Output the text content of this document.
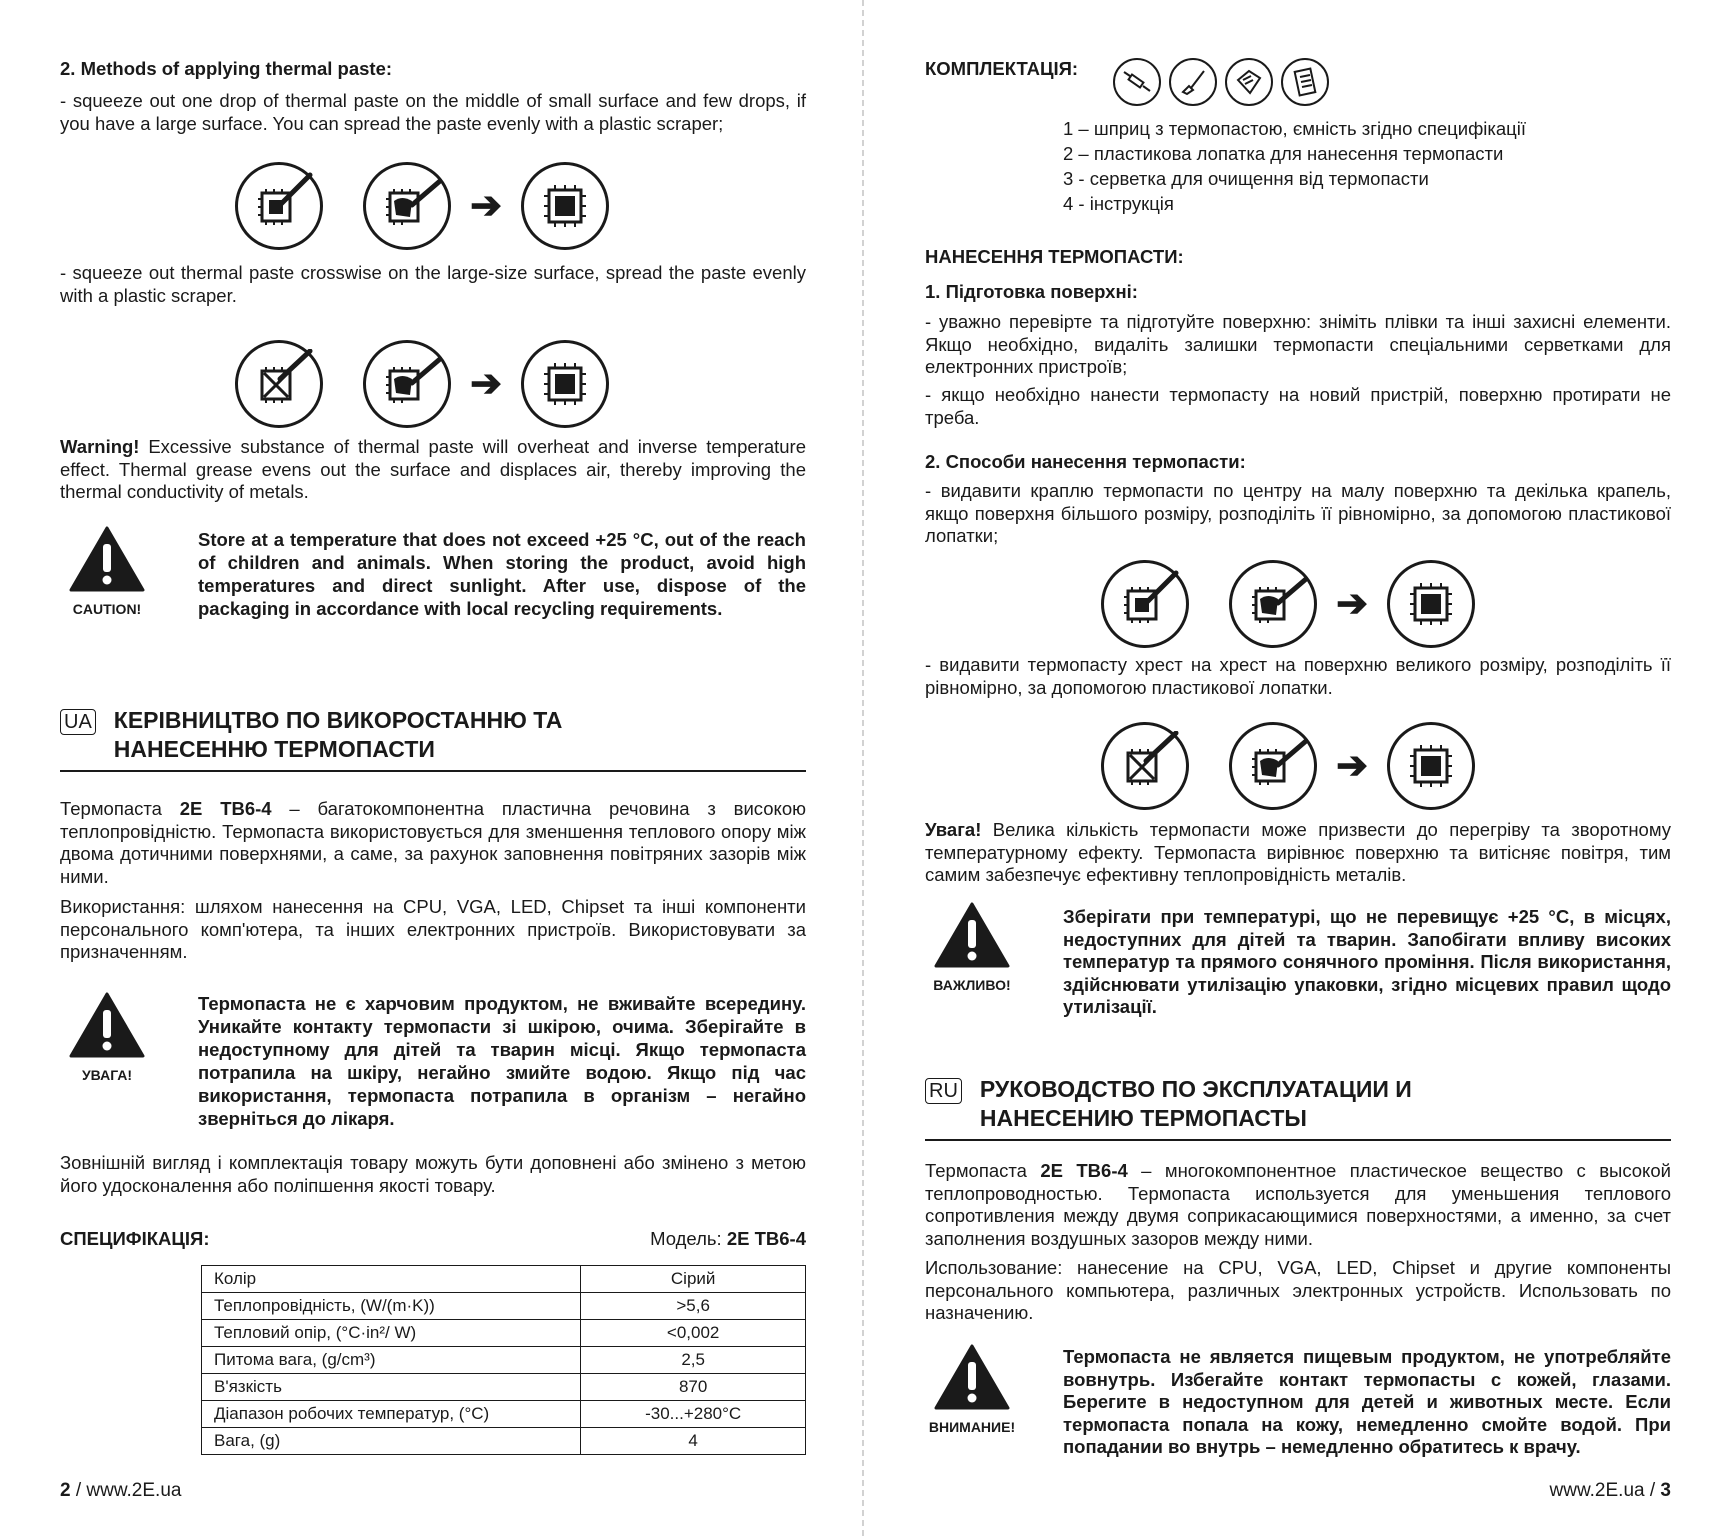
2. Methods of applying thermal paste:
- squeeze out one drop of thermal paste on the middle of small surface and few drops, if you have a large surface. You can spread the paste evenly with a plastic scraper;
➔
- squeeze out thermal paste crosswise on the large-size surface, spread the paste evenly with a plastic scraper.
➔
Warning! Excessive substance of thermal paste will overheat and inverse temperature effect. Thermal grease evens out the surface and displaces air, thereby improving the thermal conductivity of metals.
CAUTION!
Store at a temperature that does not exceed +25 °C, out of the reach of children and animals. When storing the product, avoid high temperatures and direct sunlight. After use, dispose of the packaging in accordance with local recycling requirements.
UA КЕРІВНИЦТВО ПО ВИКОРОСТАННЮ ТА
НАНЕСЕННЮ ТЕРМОПАСТИ
Термопаста 2E TB6-4 – багатокомпонентна пластична речовина з високою теплопровідністю. Термопаста використовується для зменшення теплового опору між двома дотичними поверхнями, а саме, за рахунок заповнення повітряних зазорів між ними.
Використання: шляхом нанесення на CPU, VGA, LED, Chipset та інші компоненти персонального комп'ютера, та інших електронних пристроїв. Використовувати за призначенням.
УВАГА!
Термопаста не є харчовим продуктом, не вживайте всередину. Уникайте контакту термопасти зі шкірою, очима. Зберігайте в недоступному для дітей та тварин місці. Якщо термопаста потрапила на шкіру, негайно змийте водою. Якщо під час використання, термопаста потрапила в організм – негайно зверніться до лікаря.
Зовнішній вигляд і комплектація товару можуть бути доповнені або змінено з метою його удосконалення або поліпшення якості товару.
СПЕЦИФІКАЦІЯ:	Модель: 2E TB6-4
Колір	Сірий
Теплопровідність, (W/(m·K))	>5,6
Тепловий опір, (°C·in²/ W)	<0,002
Питома вага, (g/cm³)	2,5
В'язкість	870
Діапазон робочих температур, (°C)	-30...+280°C
Вага, (g)	4
2 / www.2E.ua
КОМПЛЕКТАЦІЯ:
1 – шприц з термопастою, ємність згідно специфікації
2 – пластикова лопатка для нанесення термопасти
3 - серветка для очищення від термопасти
4 - інструкція
НАНЕСЕННЯ ТЕРМОПАСТИ:
1. Підготовка поверхні:
- уважно перевірте та підготуйте поверхню: зніміть плівки та інші захисні елементи. Якщо необхідно, видаліть залишки термопасти спеціальними серветками для електронних пристроїв;
- якщо необхідно нанести термопасту на новий пристрій, поверхню протирати не треба.
2. Способи нанесення термопасти:
- видавити краплю термопасти по центру на малу поверхню та декілька крапель, якщо поверхня більшого розміру, розподіліть її рівномірно, за допомогою пластикової лопатки;
➔
- видавити термопасту хрест на хрест на поверхню великого розміру, розподіліть її рівномірно, за допомогою пластикової лопатки.
➔
Увага! Велика кількість термопасти може призвести до перегріву та зворотному температурному ефекту. Термопаста вирівнює поверхню та витісняє повітря, тим самим забезпечує ефективну теплопровідність металів.
ВАЖЛИВО!
Зберігати при температурі, що не перевищує +25 °C, в місцях, недоступних для дітей та тварин. Запобігати впливу високих температур та прямого сонячного проміння. Після використання, здійснювати утилізацію упаковки, згідно місцевих правил щодо утилізації.
RU РУКОВОДСТВО ПО ЭКСПЛУАТАЦИИ И
НАНЕСЕНИЮ ТЕРМОПАСТЫ
Термопаста 2E TB6-4 – многокомпонентное пластическое вещество с высокой теплопроводностью. Термопаста используется для уменьшения теплового сопротивления между двумя соприкасающимися поверхностями, а именно, за счет заполнения воздушных зазоров между ними.
Использование: нанесение на CPU, VGA, LED, Chipset и другие компоненты персонального компьютера, различных электронных устройств. Использовать по назначению.
ВНИМАНИЕ!
Термопаста не является пищевым продуктом, не употребляйте вовнутрь. Избегайте контакт термопасты с кожей, глазами. Берегите в недоступном для детей и животных месте. Если термопаста попала на кожу, немедленно смойте водой. При попадании во внутрь – немедленно обратитесь к врачу.
www.2E.ua / 3
